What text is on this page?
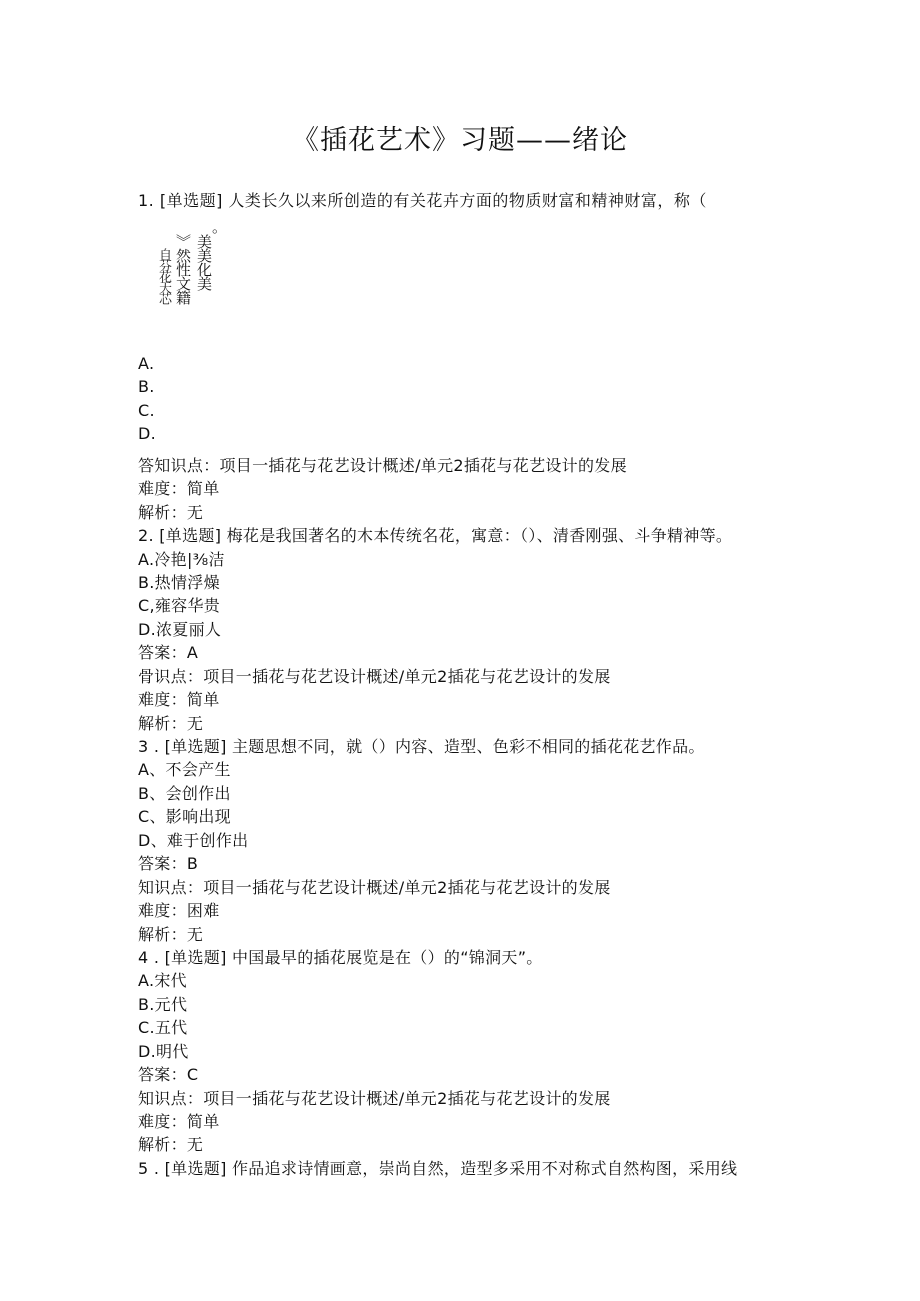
《插花艺术》习题——绪论
1. [单选题] 人类长久以来所创造的有关花卉方面的物质财富和精神财富，称（
美美化美
》然性文籍
自芬花天芯
。
A.
B.
C.
D.
答知识点：项目一插花与花艺设计概述/单元2插花与花艺设计的发展
难度：简单
解析：无
2. [单选题] 梅花是我国著名的木本传统名花，寓意：（）、清香刚强、斗争精神等。
A.冷艳|⅜洁
B.热情浮燥
C,雍容华贵
D.浓夏丽人
答案：A
骨识点：项目一插花与花艺设计概述/单元2插花与花艺设计的发展
难度：简单
解析：无
3 . [单选题] 主题思想不同，就（）内容、造型、色彩不相同的插花花艺作品。
A、不会产生
B、会创作出
C、影响出现
D、难于创作出
答案：B
知识点：项目一插花与花艺设计概述/单元2插花与花艺设计的发展
难度：困难
解析：无
4 . [单选题] 中国最早的插花展览是在（）的“锦洞天”。
A.宋代
B.元代
C.五代
D.明代
答案：C
知识点：项目一插花与花艺设计概述/单元2插花与花艺设计的发展
难度：简单
解析：无
5 . [单选题] 作品追求诗情画意，崇尚自然，造型多采用不对称式自然构图，采用线
